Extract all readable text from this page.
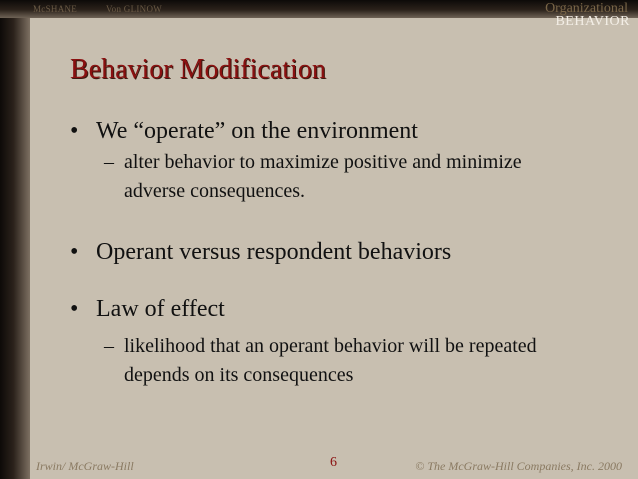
McSHANE	Von GLINOW	Organizational
BEHAVIOR
Behavior Modification
• We “operate” on the environment
– alter behavior to maximize positive and minimize adverse consequences.
• Operant versus respondent behaviors
• Law of effect
– likelihood that an operant behavior will be repeated depends on its consequences
Irwin/ McGraw-Hill	6	© The McGraw-Hill Companies, Inc. 2000
